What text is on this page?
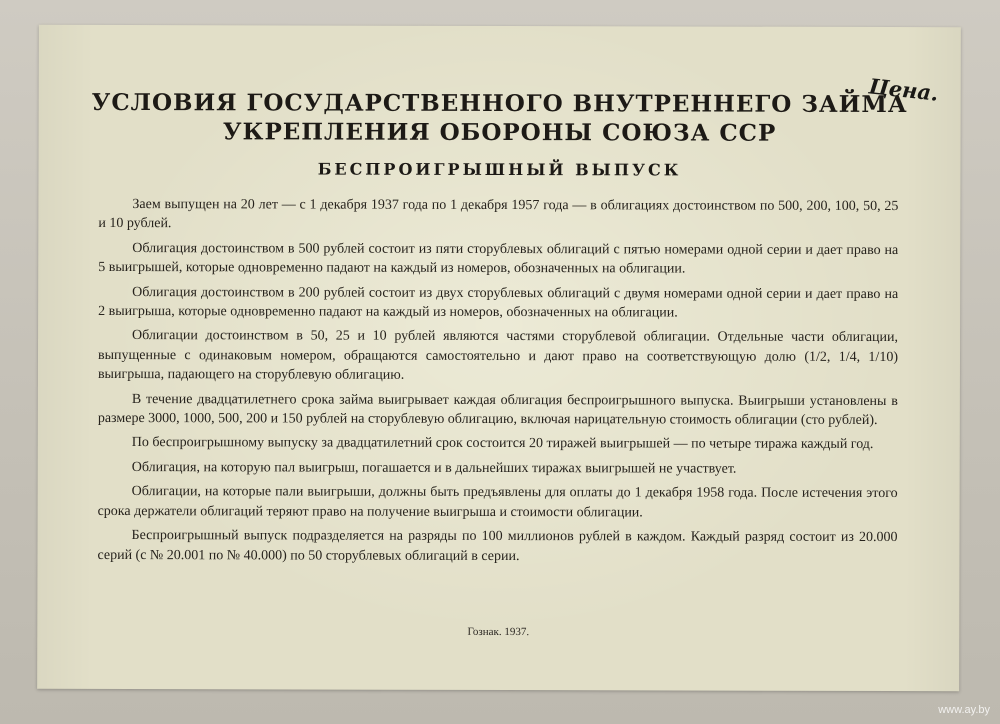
УСЛОВИЯ ГОСУДАРСТВЕННОГО ВНУТРЕННЕГО ЗАЙМА
УКРЕПЛЕНИЯ ОБОРОНЫ СОЮЗА ССР
БЕСПРОИГРЫШНЫЙ ВЫПУСК

Заем выпущен на 20 лет — с 1 декабря 1937 года по 1 декабря 1957 года — в облигациях достоинством по 500, 200, 100, 50, 25 и 10 рублей.

Облигация достоинством в 500 рублей состоит из пяти сторублевых облигаций с пятью номерами одной серии и дает право на 5 выигрышей, которые одновременно падают на каждый из номеров, обозначенных на облигации.

Облигация достоинством в 200 рублей состоит из двух сторублевых облигаций с двумя номерами одной серии и дает право на 2 выигрыша, которые одновременно падают на каждый из номеров, обозначенных на облигации.

Облигации достоинством в 50, 25 и 10 рублей являются частями сторублевой облигации. Отдельные части облигации, выпущенные с одинаковым номером, обращаются самостоятельно и дают право на соответствующую долю (1/2, 1/4, 1/10) выигрыша, падающего на сторублевую облигацию.

В течение двадцатилетнего срока займа выигрывает каждая облигация беспроигрышного выпуска. Выигрыши установлены в размере 3000, 1000, 500, 200 и 150 рублей на сторублевую облигацию, включая нарицательную стоимость облигации (сто рублей).

По беспроигрышному выпуску за двадцатилетний срок состоится 20 тиражей выигрышей — по четыре тиража каждый год.

Облигация, на которую пал выигрыш, погашается и в дальнейших тиражах выигрышей не участвует.

Облигации, на которые пали выигрыши, должны быть предъявлены для оплаты до 1 декабря 1958 года. После истечения этого срока держатели облигаций теряют право на получение выигрыша и стоимости облигации.

Беспроигрышный выпуск подразделяется на разряды по 100 миллионов рублей в каждом. Каждый разряд состоит из 20.000 серий (с № 20.001 по № 40.000) по 50 сторублевых облигаций в серии.

Гознак. 1937.
Цена.
www.ay.by
